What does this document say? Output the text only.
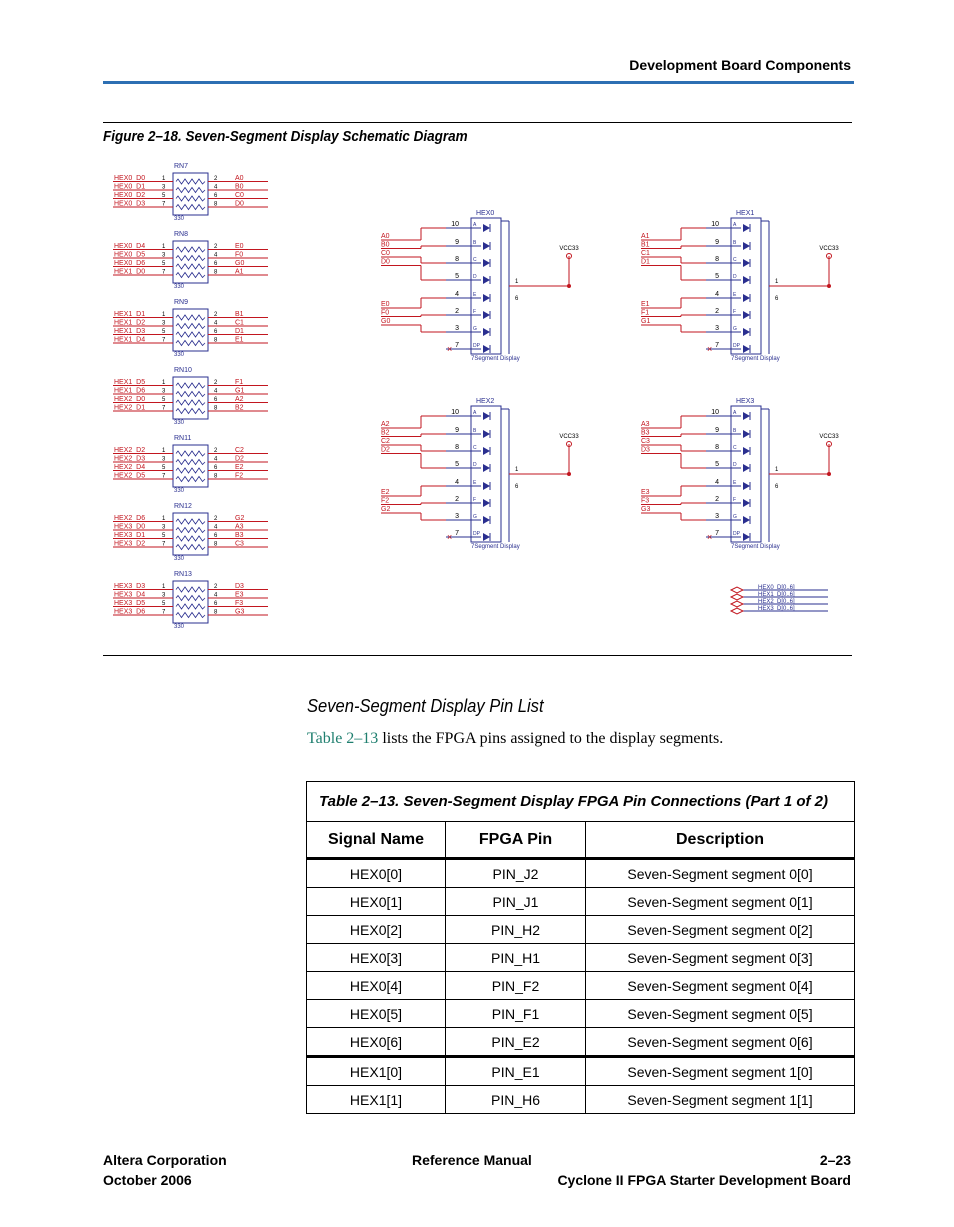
Development Board Components
Figure 2–18. Seven-Segment Display Schematic Diagram
RN7
HEX0_D0	A0
1	2
HEX0_D1	B0
3	4
HEX0_D2	C0
5	6
HEX0_D3	D0
7	8
330
RN8
HEX0_D4	E0
1	2
HEX0_D5	F0
3	4
HEX0_D6	G0
5	6
HEX1_D0	A1
7	8
330
RN9
HEX1_D1	B1
1	2
HEX1_D2	C1
3	4
HEX1_D3	D1
5	6
HEX1_D4	E1
7	8
330
RN10
HEX1_D5	F1
1	2
HEX1_D6	G1
3	4
HEX2_D0	A2
5	6
HEX2_D1	B2
7	8
330
RN11
HEX2_D2	C2
1	2
HEX2_D3	D2
3	4
HEX2_D4	E2
5	6
HEX2_D5	F2
7	8
330
RN12
HEX2_D6	G2
1	2
HEX3_D0	A3
3	4
HEX3_D1	B3
5	6
HEX3_D2	C3
7	8
330
RN13
HEX3_D3	D3
1	2
HEX3_D4	E3
3	4
HEX3_D5	F3
5	6
HEX3_D6	G3
7	8
330
HEX0
A
10
B
9
C
8
D
5
E
4
F
2
G
3
DP
7
A0
B0
C0
D0
E0
F0
G0
×
VCC33
1
6
7Segment Display
HEX1
A
10
B
9
C
8
D
5
E
4
F
2
G
3
DP
7
A1
B1
C1
D1
E1
F1
G1
×
VCC33
1
6
7Segment Display
HEX2
A
10
B
9
C
8
D
5
E
4
F
2
G
3
DP
7
A2
B2
C2
D2
E2
F2
G2
×
VCC33
1
6
7Segment Display
HEX3
A
10
B
9
C
8
D
5
E
4
F
2
G
3
DP
7
A3
B3
C3
D3
E3
F3
G3
×
VCC33
1
6
7Segment Display
HEX0_D[0..6]
HEX1_D[0..6]
HEX2_D[0..6]
HEX3_D[0..6]
Seven-Segment Display Pin List
Table 2–13 lists the FPGA pins assigned to the display segments.
Table 2–13. Seven-Segment Display FPGA Pin Connections (Part 1 of 2)		
Signal Name	FPGA Pin	Description
HEX0[0]	PIN_J2	Seven-Segment segment 0[0]
HEX0[1]	PIN_J1	Seven-Segment segment 0[1]
HEX0[2]	PIN_H2	Seven-Segment segment 0[2]
HEX0[3]	PIN_H1	Seven-Segment segment 0[3]
HEX0[4]	PIN_F2	Seven-Segment segment 0[4]
HEX0[5]	PIN_F1	Seven-Segment segment 0[5]
HEX0[6]	PIN_E2	Seven-Segment segment 0[6]
HEX1[0]	PIN_E1	Seven-Segment segment 1[0]
HEX1[1]	PIN_H6	Seven-Segment segment 1[1]
Altera Corporation
October 2006
Reference Manual	2–23
Cyclone II FPGA Starter Development Board
